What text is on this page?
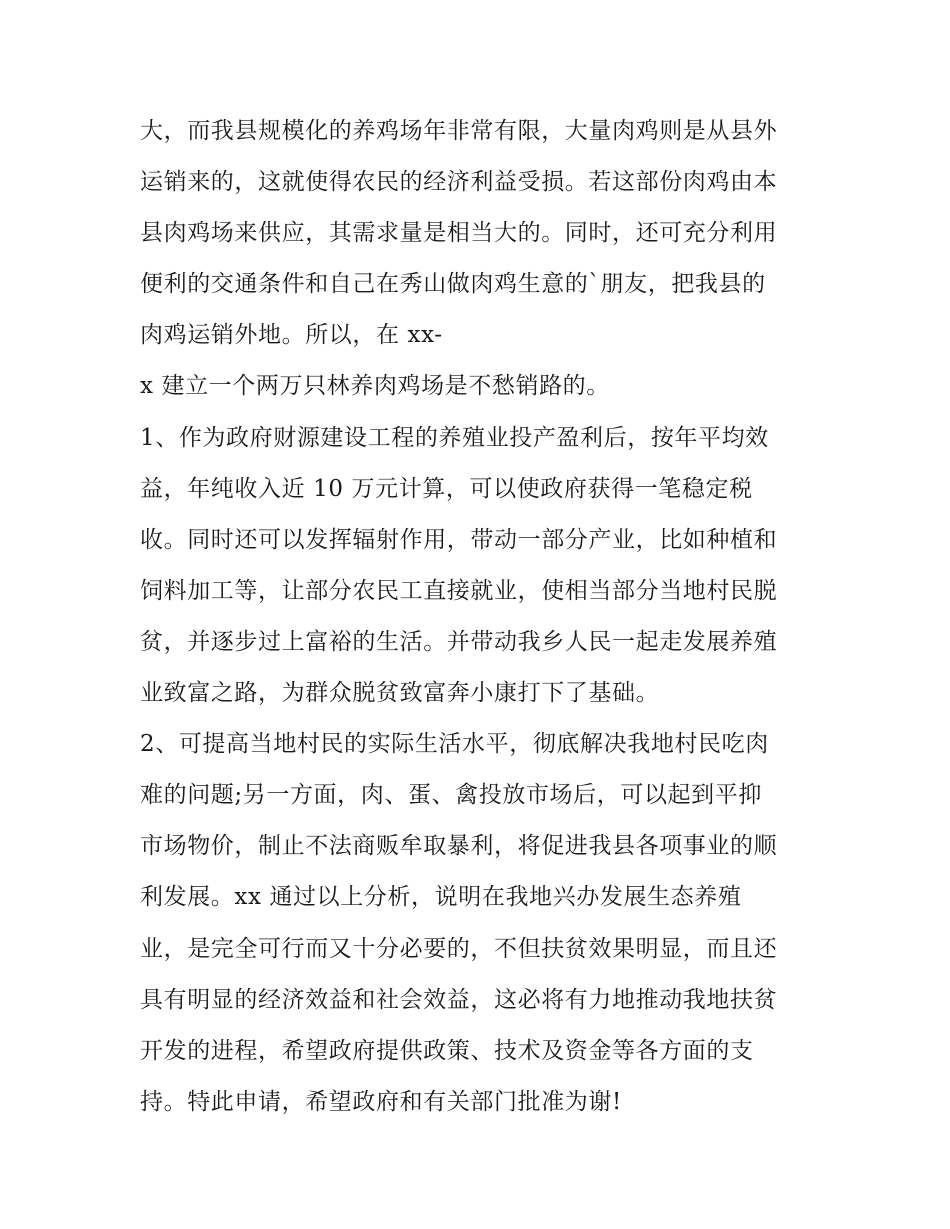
大，而我县规模化的养鸡场年非常有限，大量肉鸡则是从县外
运销来的，这就使得农民的经济利益受损。若这部份肉鸡由本
县肉鸡场来供应，其需求量是相当大的。同时，还可充分利用
便利的交通条件和自己在秀山做肉鸡生意的`朋友，把我县的
肉鸡运销外地。所以，在 xx-
x 建立一个两万只林养肉鸡场是不愁销路的。
1、作为政府财源建设工程的养殖业投产盈利后，按年平均效
益，年纯收入近 10 万元计算，可以使政府获得一笔稳定税
收。同时还可以发挥辐射作用，带动一部分产业，比如种植和
饲料加工等，让部分农民工直接就业，使相当部分当地村民脱
贫，并逐步过上富裕的生活。并带动我乡人民一起走发展养殖
业致富之路，为群众脱贫致富奔小康打下了基础。
2、可提高当地村民的实际生活水平，彻底解决我地村民吃肉
难的问题;另一方面，肉、蛋、禽投放市场后，可以起到平抑
市场物价，制止不法商贩牟取暴利，将促进我县各项事业的顺
利发展。xx 通过以上分析，说明在我地兴办发展生态养殖
业，是完全可行而又十分必要的，不但扶贫效果明显，而且还
具有明显的经济效益和社会效益，这必将有力地推动我地扶贫
开发的进程，希望政府提供政策、技术及资金等各方面的支
持。特此申请，希望政府和有关部门批准为谢!
